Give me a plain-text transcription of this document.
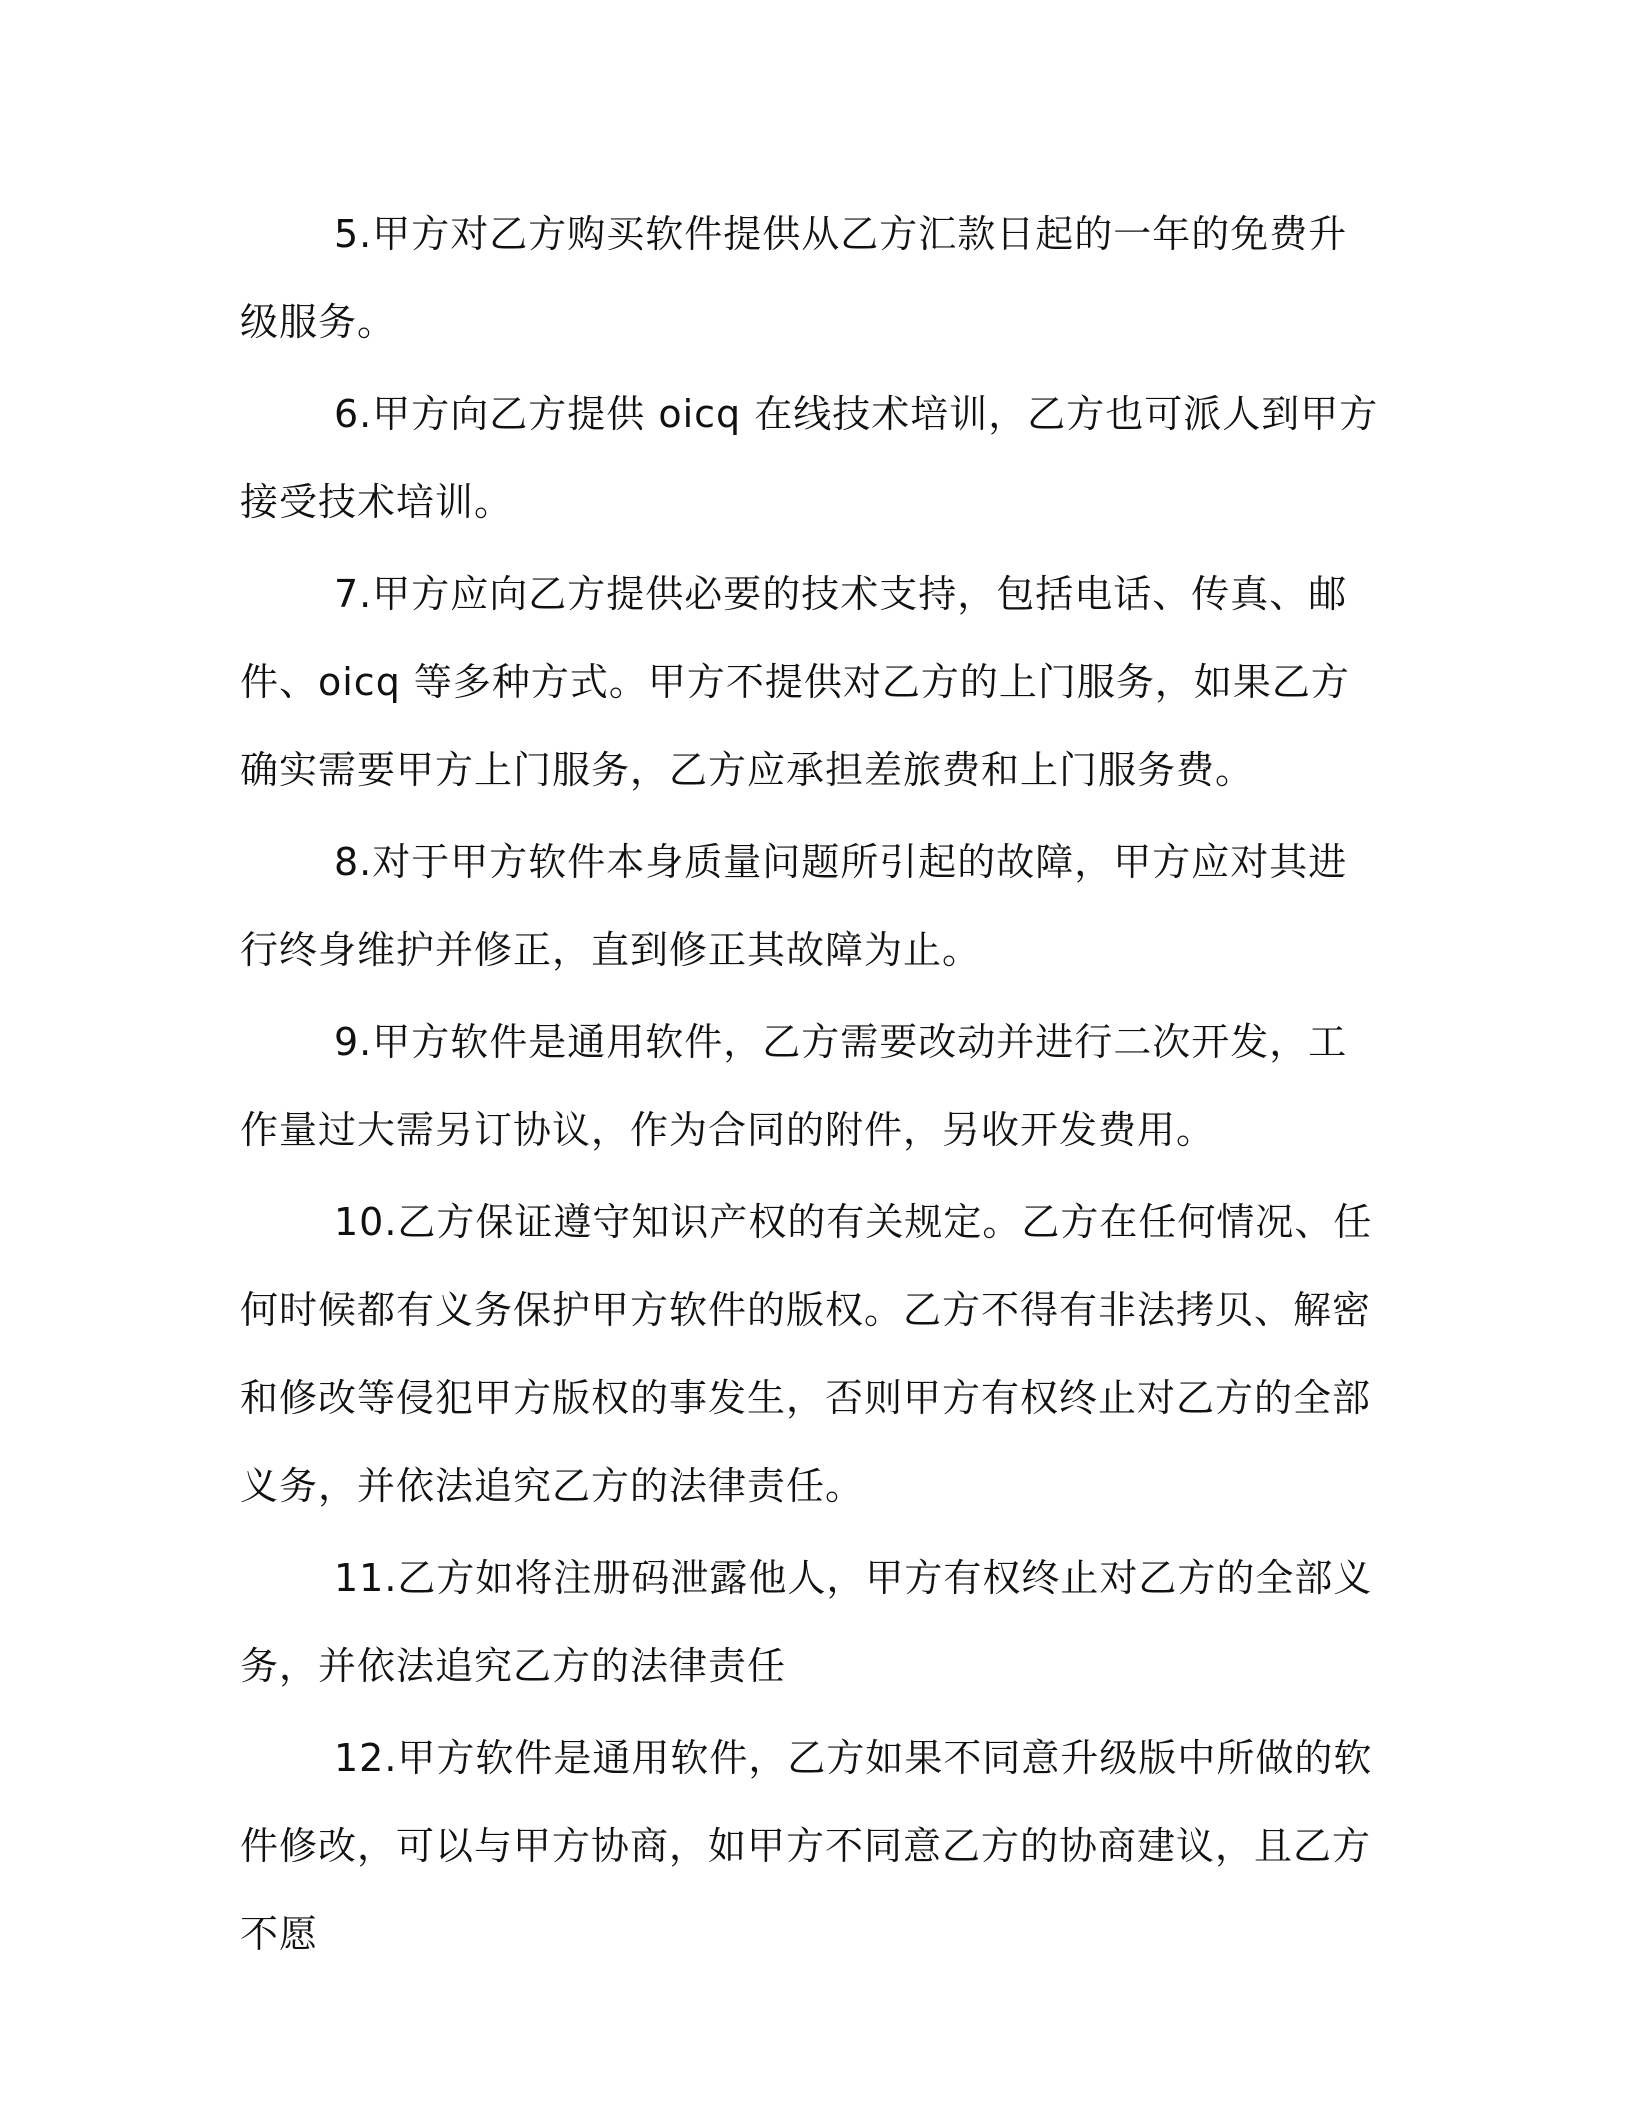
5.甲方对乙方购买软件提供从乙方汇款日起的一年的免费升级服务。

6.甲方向乙方提供 oicq 在线技术培训，乙方也可派人到甲方接受技术培训。

7.甲方应向乙方提供必要的技术支持，包括电话、传真、邮件、oicq 等多种方式。甲方不提供对乙方的上门服务，如果乙方确实需要甲方上门服务，乙方应承担差旅费和上门服务费。

8.对于甲方软件本身质量问题所引起的故障，甲方应对其进行终身维护并修正，直到修正其故障为止。

9.甲方软件是通用软件，乙方需要改动并进行二次开发，工作量过大需另订协议，作为合同的附件，另收开发费用。

10.乙方保证遵守知识产权的有关规定。乙方在任何情况、任何时候都有义务保护甲方软件的版权。乙方不得有非法拷贝、解密和修改等侵犯甲方版权的事发生，否则甲方有权终止对乙方的全部义务，并依法追究乙方的法律责任。

11.乙方如将注册码泄露他人，甲方有权终止对乙方的全部义务，并依法追究乙方的法律责任

12.甲方软件是通用软件，乙方如果不同意升级版中所做的软件修改，可以与甲方协商，如甲方不同意乙方的协商建议，且乙方不愿
